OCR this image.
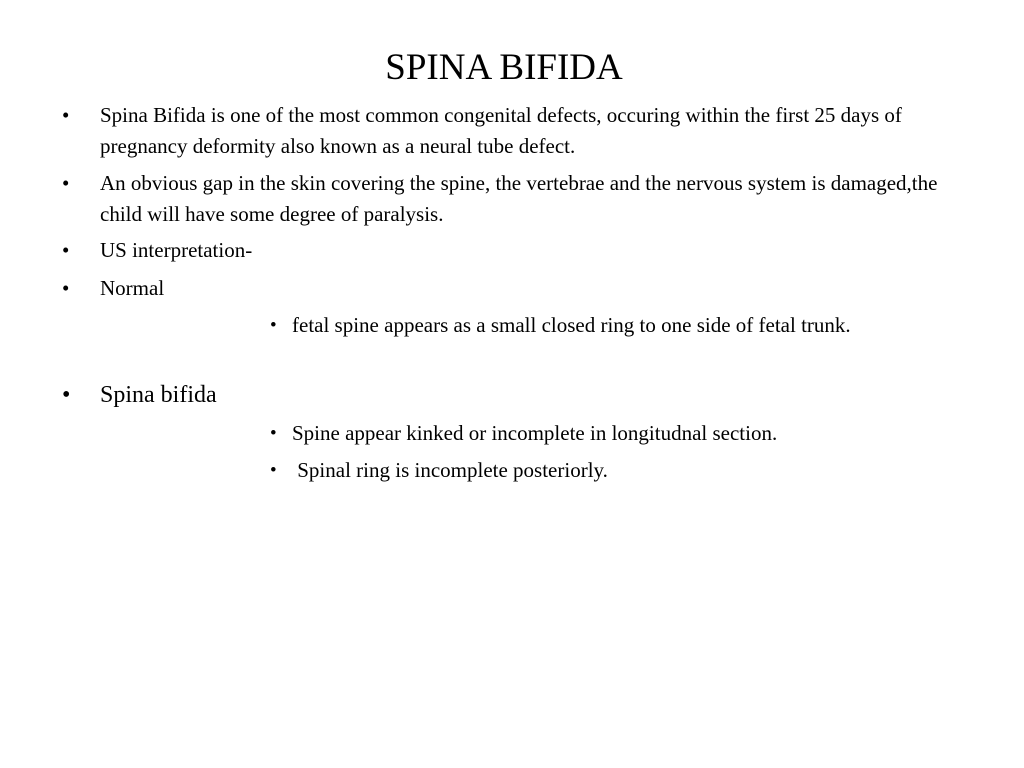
SPINA BIFIDA
• Spina Bifida is one of the most common congenital defects, occuring within the first 25 days of pregnancy deformity also known as a neural tube defect.
• An obvious gap in the skin covering the spine, the vertebrae and the nervous system is damaged,the child will have some degree of paralysis.
• US interpretation-
• Normal
• fetal spine appears as a small closed ring to one side of fetal trunk.
• Spina bifida
• Spine appear kinked or incomplete in longitudnal section.
• Spinal ring is incomplete posteriorly.
